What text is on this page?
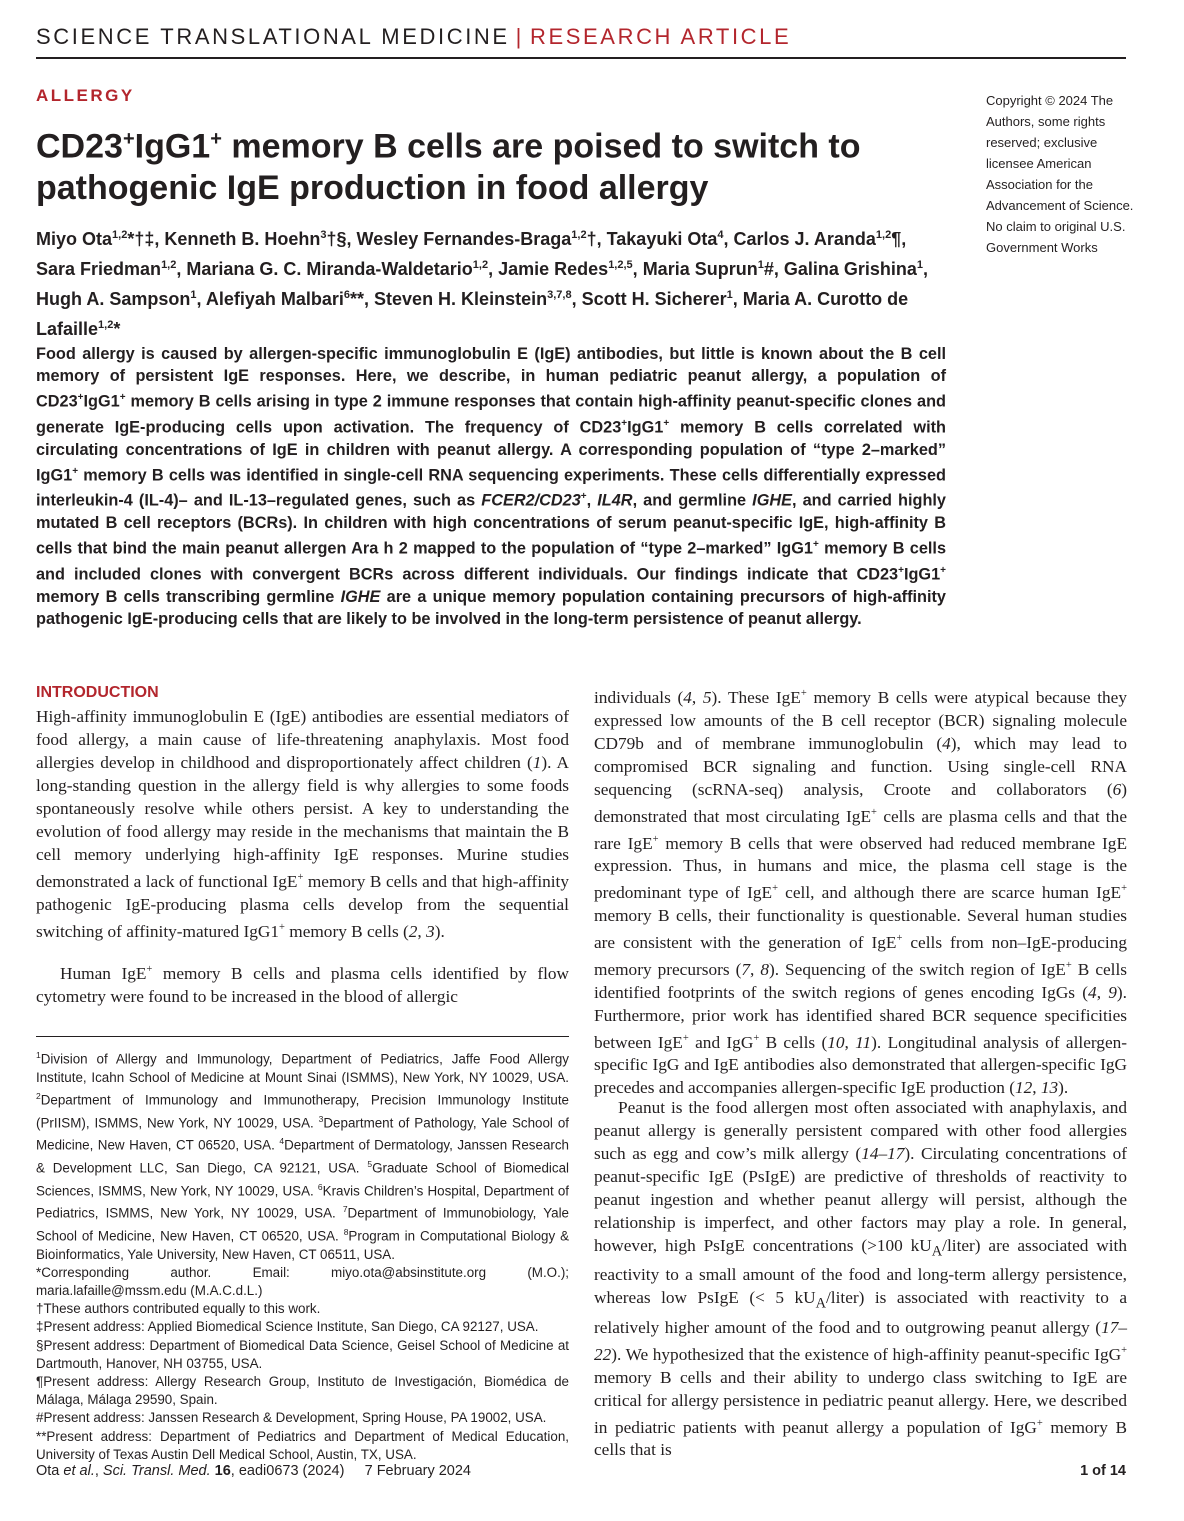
SCIENCE TRANSLATIONAL MEDICINE | RESEARCH ARTICLE
ALLERGY
CD23+IgG1+ memory B cells are poised to switch to pathogenic IgE production in food allergy

Miyo Ota$^{1,2}$*†‡, Kenneth B. Hoehn$^3$†§, Wesley Fernandes-Braga$^{1,2}$†, Takayuki Ota$^4$, Carlos J. Aranda$^{1,2}$¶, Sara Friedman$^{1,2}$, Mariana G. C. Miranda-Waldetario$^{1,2}$, Jamie Redes$^{1,2,5}$, Maria Suprun$^1$#, Galina Grishina$^1$, Hugh A. Sampson$^1$, Alefiyah Malbari$^6$**, Steven H. Kleinstein$^{3,7,8}$, Scott H. Sicherer$^1$, Maria A. Curotto de Lafaille$^{1,2}$*

Copyright © 2024 The Authors, some rights reserved; exclusive licensee American Association for the Advancement of Science. No claim to original U.S. Government Works

Food allergy is caused by allergen-specific immunoglobulin E (IgE) antibodies, but little is known about the B cell memory of persistent IgE responses. Here, we describe, in human pediatric peanut allergy, a population of CD23+IgG1+ memory B cells arising in type 2 immune responses that contain high-affinity peanut-specific clones and generate IgE-producing cells upon activation. The frequency of CD23+IgG1+ memory B cells correlated with circulating concentrations of IgE in children with peanut allergy. A corresponding population of “type 2–marked” IgG1+ memory B cells was identified in single-cell RNA sequencing experiments. These cells differentially expressed interleukin-4 (IL-4)– and IL-13–regulated genes, such as FCER2/CD23+, IL4R, and germline IGHE, and carried highly mutated B cell receptors (BCRs). In children with high concentrations of serum peanut-specific IgE, high-affinity B cells that bind the main peanut allergen Ara h 2 mapped to the population of “type 2–marked” IgG1+ memory B cells and included clones with convergent BCRs across different individuals. Our findings indicate that CD23+IgG1+ memory B cells transcribing germline IGHE are a unique memory population containing precursors of high-affinity pathogenic IgE-producing cells that are likely to be involved in the long-term persistence of peanut allergy.

INTRODUCTION

High-affinity immunoglobulin E (IgE) antibodies are essential mediators of food allergy, a main cause of life-threatening anaphylaxis. Most food allergies develop in childhood and disproportionately affect children (1). A long-standing question in the allergy field is why allergies to some foods spontaneously resolve while others persist. A key to understanding the evolution of food allergy may reside in the mechanisms that maintain the B cell memory underlying high-affinity IgE responses. Murine studies demonstrated a lack of functional IgE+ memory B cells and that high-affinity pathogenic IgE-producing plasma cells develop from the sequential switching of affinity-matured IgG1+ memory B cells (2, 3).

Human IgE+ memory B cells and plasma cells identified by flow cytometry were found to be increased in the blood of allergic

$^1$Division of Allergy and Immunology, Department of Pediatrics, Jaffe Food Allergy Institute, Icahn School of Medicine at Mount Sinai (ISMMS), New York, NY 10029, USA. $^2$Department of Immunology and Immunotherapy, Precision Immunology Institute (PrIISM), ISMMS, New York, NY 10029, USA. $^3$Department of Pathology, Yale School of Medicine, New Haven, CT 06520, USA. $^4$Department of Dermatology, Janssen Research & Development LLC, San Diego, CA 92121, USA. $^5$Graduate School of Biomedical Sciences, ISMMS, New York, NY 10029, USA. $^6$Kravis Children’s Hospital, Department of Pediatrics, ISMMS, New York, NY 10029, USA. $^7$Department of Immunobiology, Yale School of Medicine, New Haven, CT 06520, USA. $^8$Program in Computational Biology & Bioinformatics, Yale University, New Haven, CT 06511, USA.

*Corresponding author. Email: miyo.ota@absinstitute.org (M.O.); maria.lafaille@mssm.edu (M.A.C.d.L.)

†These authors contributed equally to this work.

‡Present address: Applied Biomedical Science Institute, San Diego, CA 92127, USA.

§Present address: Department of Biomedical Data Science, Geisel School of Medicine at Dartmouth, Hanover, NH 03755, USA.

¶Present address: Allergy Research Group, Instituto de Investigación, Biomédica de Málaga, Málaga 29590, Spain.

#Present address: Janssen Research & Development, Spring House, PA 19002, USA.

**Present address: Department of Pediatrics and Department of Medical Education, University of Texas Austin Dell Medical School, Austin, TX, USA.

individuals (4, 5). These IgE+ memory B cells were atypical because they expressed low amounts of the B cell receptor (BCR) signaling molecule CD79b and of membrane immunoglobulin (4), which may lead to compromised BCR signaling and function. Using single-cell RNA sequencing (scRNA-seq) analysis, Croote and collaborators (6) demonstrated that most circulating IgE+ cells are plasma cells and that the rare IgE+ memory B cells that were observed had reduced membrane IgE expression. Thus, in humans and mice, the plasma cell stage is the predominant type of IgE+ cell, and although there are scarce human IgE+ memory B cells, their functionality is questionable. Several human studies are consistent with the generation of IgE+ cells from non–IgE-producing memory precursors (7, 8). Sequencing of the switch region of IgE+ B cells identified footprints of the switch regions of genes encoding IgGs (4, 9). Furthermore, prior work has identified shared BCR sequence specificities between IgE+ and IgG+ B cells (10, 11). Longitudinal analysis of allergen-specific IgG and IgE antibodies also demonstrated that allergen-specific IgG precedes and accompanies allergen-specific IgE production (12, 13).

Peanut is the food allergen most often associated with anaphylaxis, and peanut allergy is generally persistent compared with other food allergies such as egg and cow’s milk allergy (14–17). Circulating concentrations of peanut-specific IgE (PsIgE) are predictive of thresholds of reactivity to peanut ingestion and whether peanut allergy will persist, although the relationship is imperfect, and other factors may play a role. In general, however, high PsIgE concentrations (>100 $kU_A/liter$) are associated with reactivity to a small amount of the food and long-term allergy persistence, whereas low PsIgE (< 5 $kU_A/liter$) is associated with reactivity to a relatively higher amount of the food and to outgrowing peanut allergy (17–22). We hypothesized that the existence of high-affinity peanut-specific IgG+ memory B cells and their ability to undergo class switching to IgE are critical for allergy persistence in pediatric peanut allergy. Here, we described in pediatric patients with peanut allergy a population of IgG+ memory B cells that is

Ota et al., Sci. Transl. Med. 16, eadi0673 (2024)     7 February 2024	1 of 14
